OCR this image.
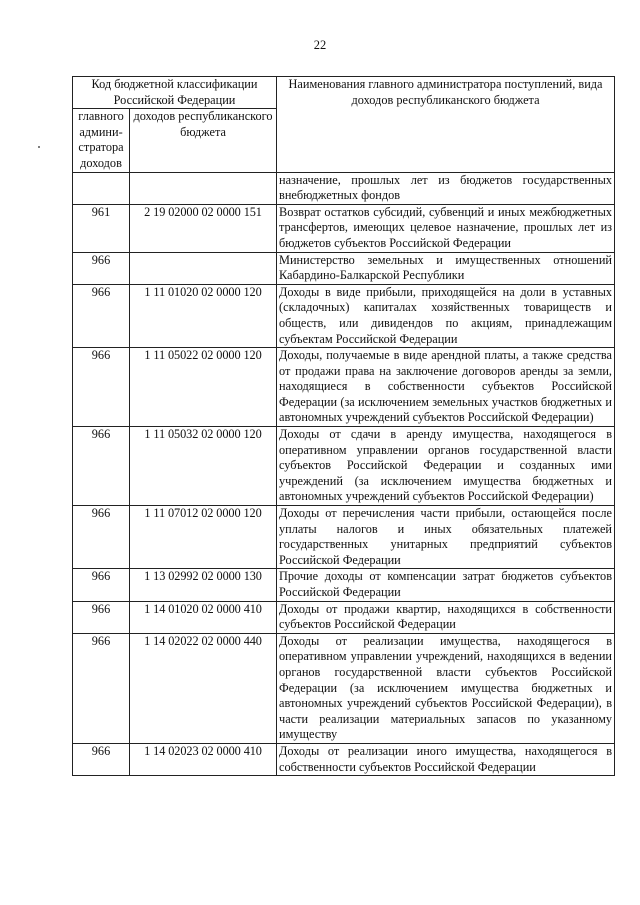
22
Код бюджетной классификации Российской Федерации		Наименования главного администратора поступлений, вида доходов республиканского бюджета
главного админи-стратора доходов	доходов республиканского бюджета	
		назначение, прошлых лет из бюджетов государственных внебюджетных фондов
961	2 19 02000 02 0000 151	Возврат остатков субсидий, субвенций и иных межбюджетных трансфертов, имеющих целевое назначение, прошлых лет из бюджетов субъектов Российской Федерации
966		Министерство земельных и имущественных отношений Кабардино-Балкарской Республики
966	1 11 01020 02 0000 120	Доходы в виде прибыли, приходящейся на доли в уставных (складочных) капиталах хозяйственных товариществ и обществ, или дивидендов по акциям, принадлежащим субъектам Российской Федерации
966	1 11 05022 02 0000 120	Доходы, получаемые в виде арендной платы, а также средства от продажи права на заключение договоров аренды за земли, находящиеся в собственности субъектов Российской Федерации (за исключением земельных участков бюджетных и автономных учреждений субъектов Российской Федерации)
966	1 11 05032 02 0000 120	Доходы от сдачи в аренду имущества, находящегося в оперативном управлении органов государственной власти субъектов Российской Федерации и созданных ими учреждений (за исключением имущества бюджетных и автономных учреждений субъектов Российской Федерации)
966	1 11 07012 02 0000 120	Доходы от перечисления части прибыли, остающейся после уплаты налогов и иных обязательных платежей государственных унитарных предприятий субъектов Российской Федерации
966	1 13 02992 02 0000 130	Прочие доходы от компенсации затрат бюджетов субъектов Российской Федерации
966	1 14 01020 02 0000 410	Доходы от продажи квартир, находящихся в собственности субъектов Российской Федерации
966	1 14 02022 02 0000 440	Доходы от реализации имущества, находящегося в оперативном управлении учреждений, находящихся в ведении органов государственной власти субъектов Российской Федерации (за исключением имущества бюджетных и автономных учреждений субъектов Российской Федерации), в части реализации материальных запасов по указанному имуществу
966	1 14 02023 02 0000 410	Доходы от реализации иного имущества, находящегося в собственности субъектов Российской Федерации
